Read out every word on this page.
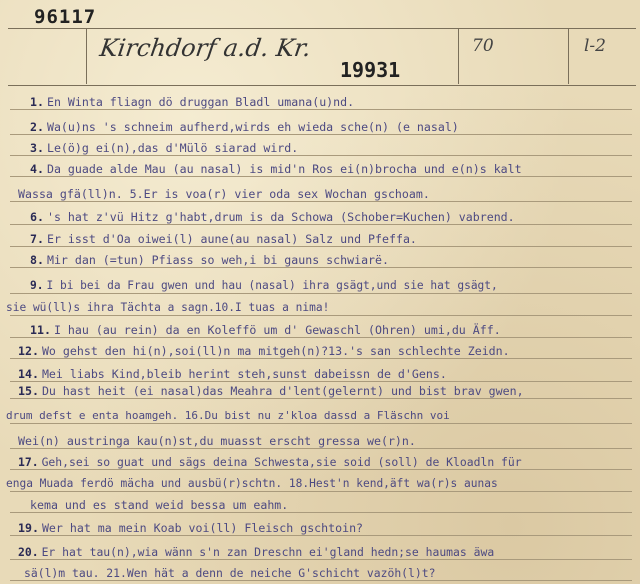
96117
Kirchdorf a.d. Kr.
19931
70	l-2
1. En Winta fliagn dö druggan Bladl umana(u)nd.
2. Wa(u)ns 's schneim aufherd,wirds eh wieda sche(n) (e nasal)
3. Le(ö)g ei(n),das d'Mülö siarad wird.
4. Da guade alde Mau (au nasal) is mid'n Ros ei(n)brocha und e(n)s kalt
Wassa gfä(ll)n. 5.Er is voa(r) vier oda sex Wochan gschoam.
6. 's hat z'vü Hitz g'habt,drum is da Schowa (Schober=Kuchen) vabrend.
7. Er isst d'Oa oiwei(l) aune(au nasal) Salz und Pfeffa.
8. Mir dan (=tun) Pfiass so weh,i bi gauns schwiarë.
9. I bi bei da Frau gwen und hau (nasal) ihra gsägt,und sie hat gsägt,
sie wü(ll)s ihra Tächta a sagn.10.I tuas a nima!
11. I hau (au rein) da en Koleffö um d' Gewaschl (Ohren) umi,du Äff.
12. Wo gehst den hi(n),soi(ll)n ma mitgeh(n)?13.'s san schlechte Zeidn.
14. Mei liabs Kind,bleib herint steh,sunst dabeissn de d'Gens.
15. Du hast heit (ei nasal)das Meahra d'lent(gelernt) und bist brav gwen,
drum defst e enta hoamgeh. 16.Du bist nu z'kloa dassd a Fläschn voi
Wei(n) austringa kau(n)st,du muasst erscht gressa we(r)n.
17. Geh,sei so guat und sägs deina Schwesta,sie soid (soll) de Kloadln für
enga Muada ferdö mächa und ausbü(r)schtn. 18.Hest'n kend,äft wa(r)s aunas
kema und es stand weid bessa um eahm.
19. Wer hat ma mein Koab voi(ll) Fleisch gschtoin?
20. Er hat tau(n),wia wänn s'n zan Dreschn ei'gland hedn;se haumas äwa
sä(l)m tau. 21.Wen hät a denn de neiche G'schicht vazöh(l)t?
